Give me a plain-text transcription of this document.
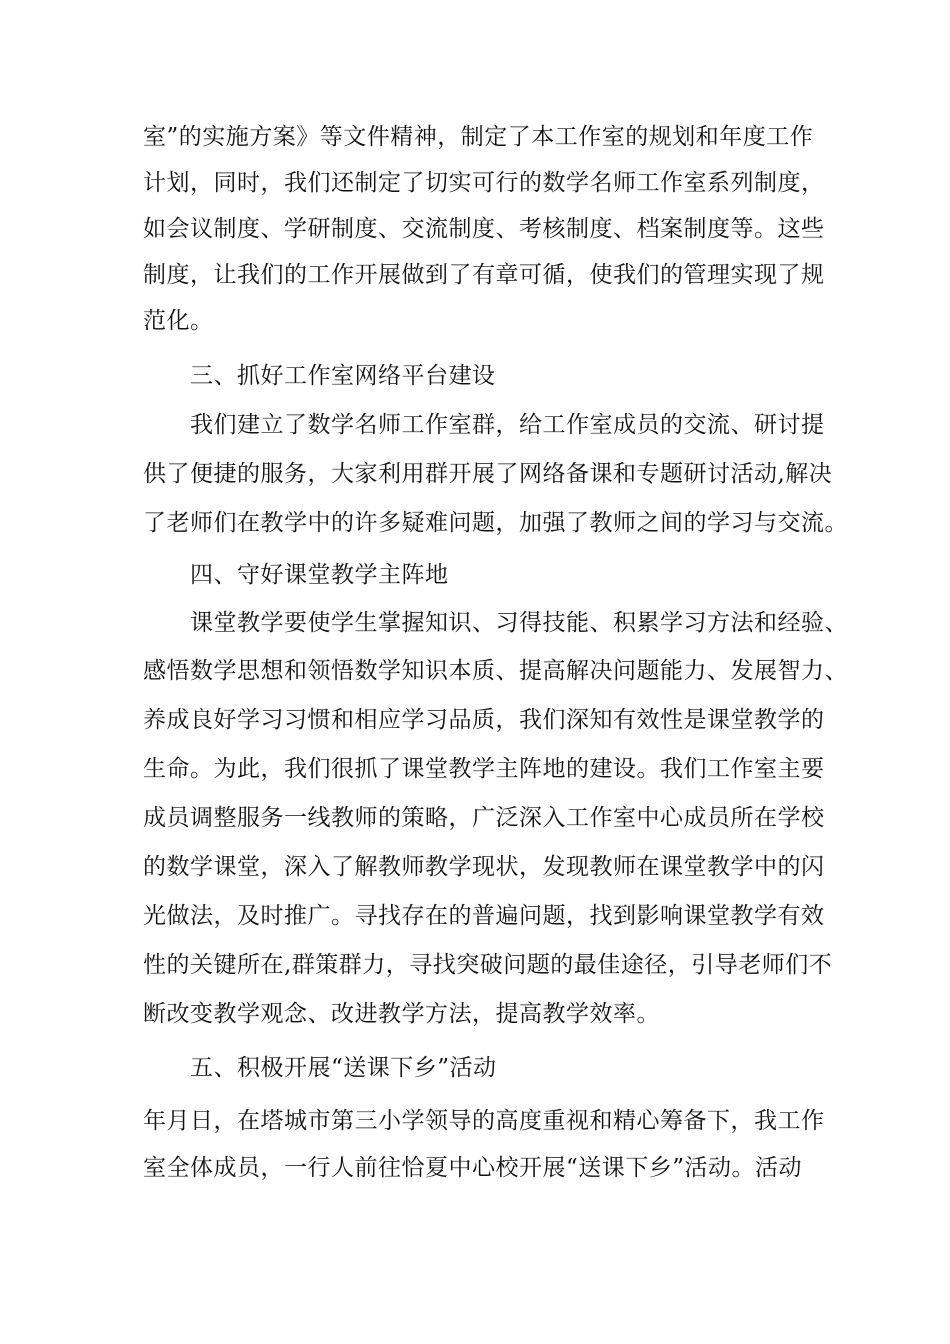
室”的实施方案》等文件精神，制定了本工作室的规划和年度工作
计划，同时，我们还制定了切实可行的数学名师工作室系列制度，
如会议制度、学研制度、交流制度、考核制度、档案制度等。这些
制度，让我们的工作开展做到了有章可循，使我们的管理实现了规
范化。
三、抓好工作室网络平台建设
我们建立了数学名师工作室群，给工作室成员的交流、研讨提
供了便捷的服务，大家利用群开展了网络备课和专题研讨活动,解决
了老师们在教学中的许多疑难问题，加强了教师之间的学习与交流。
四、守好课堂教学主阵地
课堂教学要使学生掌握知识、习得技能、积累学习方法和经验、
感悟数学思想和领悟数学知识本质、提高解决问题能力、发展智力、
养成良好学习习惯和相应学习品质，我们深知有效性是课堂教学的
生命。为此，我们很抓了课堂教学主阵地的建设。我们工作室主要
成员调整服务一线教师的策略，广泛深入工作室中心成员所在学校
的数学课堂，深入了解教师教学现状，发现教师在课堂教学中的闪
光做法，及时推广。寻找存在的普遍问题，找到影响课堂教学有效
性的关键所在,群策群力，寻找突破问题的最佳途径，引导老师们不
断改变教学观念、改进教学方法，提高教学效率。
五、积极开展“送课下乡”活动
年月日，在塔城市第三小学领导的高度重视和精心筹备下，我工作
室全体成员，一行人前往恰夏中心校开展“送课下乡”活动。活动
